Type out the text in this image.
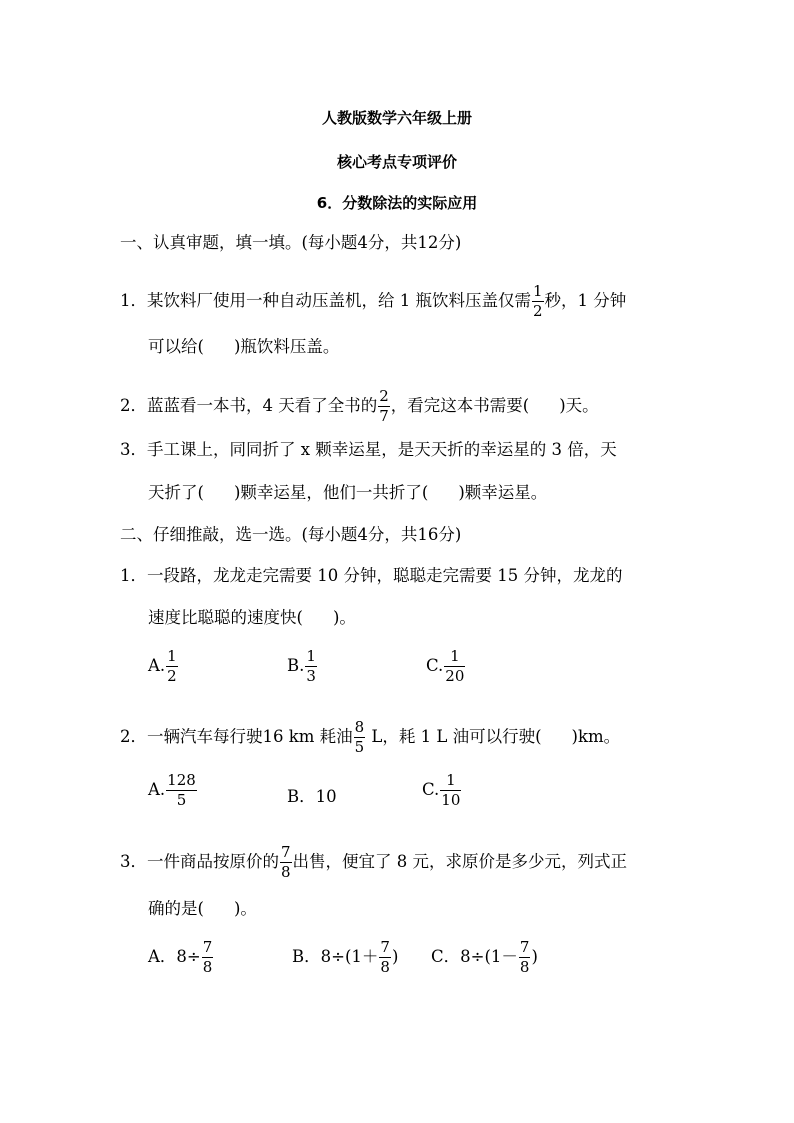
人教版数学六年级上册
核心考点专项评价
6．分数除法的实际应用
一、认真审题，填一填。(每小题4分，共12分)
1．某饮料厂使用一种自动压盖机，给 1 瓶饮料压盖仅需 $\frac{1}{2}$ 秒，1 分钟
可以给( )瓶饮料压盖。
2．蓝蓝看一本书，4 天看了全书的 $\frac{2}{7}$ ，看完这本书需要( )天。
3．手工课上，同同折了 x 颗幸运星，是天天折的幸运星的 3 倍，天
天折了( )颗幸运星，他们一共折了( )颗幸运星。
二、仔细推敲，选一选。(每小题4分，共16分)
1．一段路，龙龙走完需要 10 分钟，聪聪走完需要 15 分钟，龙龙的
速度比聪聪的速度快( )。
A. $\frac{1}{2}$	B. $\frac{1}{3}$	C. $\frac{1}{20}$
2．一辆汽车每行驶16 km 耗油 $\frac{8}{5}$ L，耗 1 L 油可以行驶( )km。
A. $\frac{128}{5}$	B．10	C. $\frac{1}{10}$
3．一件商品按原价的 $\frac{7}{8}$ 出售，便宜了 8 元，求原价是多少元，列式正
确的是( )。
A．$8\div \frac{7}{8}$	B．$8\div(1+ \frac{7}{8}$ ) C．$8\div(1- \frac{7}{8}$ )
